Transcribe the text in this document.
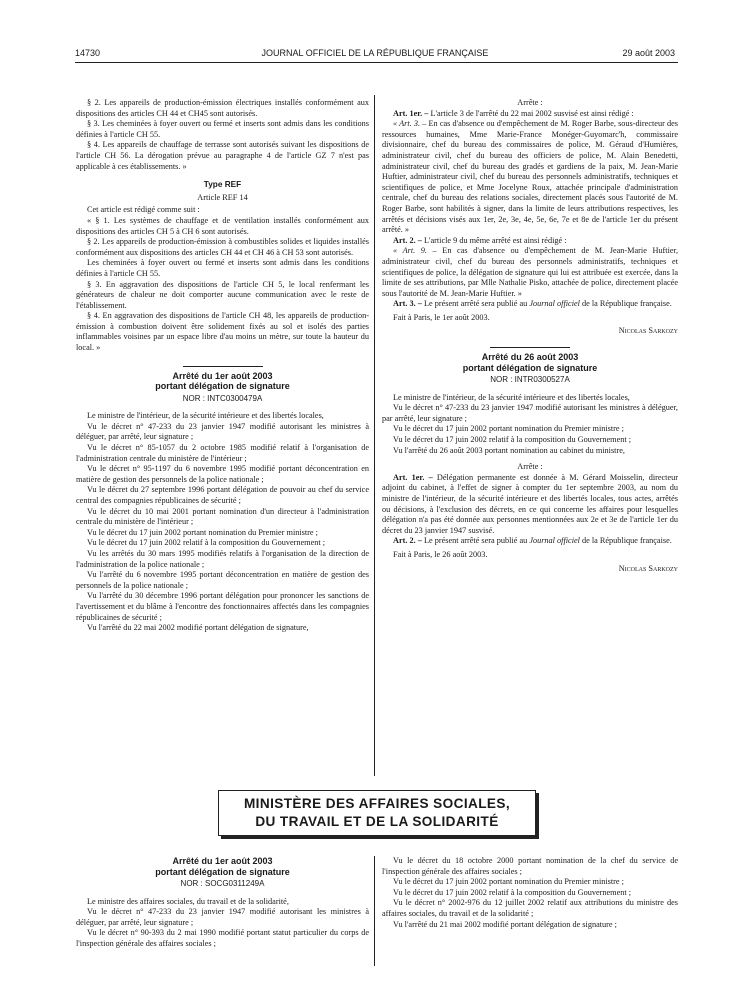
14730	JOURNAL OFFICIEL DE LA RÉPUBLIQUE FRANÇAISE	29 août 2003

§ 2. Les appareils de production-émission électriques installés conformément aux dispositions des articles CH 44 et CH45 sont autorisés.

§ 3. Les cheminées à foyer ouvert ou fermé et inserts sont admis dans les conditions définies à l'article CH 55.

§ 4. Les appareils de chauffage de terrasse sont autorisés suivant les dispositions de l'article CH 56. La dérogation prévue au paragraphe 4 de l'article GZ 7 n'est pas applicable à ces établissements. »

Type REF

Article REF 14

Cet article est rédigé comme suit :

« § 1. Les systèmes de chauffage et de ventilation installés conformément aux dispositions des articles CH 5 à CH 6 sont autorisés.

§ 2. Les appareils de production-émission à combustibles solides et liquides installés conformément aux dispositions des articles CH 44 et CH 46 à CH 53 sont autorisés.

Les cheminées à foyer ouvert ou fermé et inserts sont admis dans les conditions définies à l'article CH 55.

§ 3. En aggravation des dispositions de l'article CH 5, le local renfermant les générateurs de chaleur ne doit comporter aucune communication avec le reste de l'établissement.

§ 4. En aggravation des dispositions de l'article CH 48, les appareils de production-émission à combustion doivent être solidement fixés au sol et isolés des parties inflammables voisines par un espace libre d'au moins un mètre, sur toute la hauteur du local. »

Arrêté du 1er août 2003
portant délégation de signature
NOR : INTC0300479A

Le ministre de l'intérieur, de la sécurité intérieure et des libertés locales,

Vu le décret n° 47-233 du 23 janvier 1947 modifié autorisant les ministres à déléguer, par arrêté, leur signature ;

Vu le décret n° 85-1057 du 2 octobre 1985 modifié relatif à l'organisation de l'administration centrale du ministère de l'intérieur ;

Vu le décret n° 95-1197 du 6 novembre 1995 modifié portant déconcentration en matière de gestion des personnels de la police nationale ;

Vu le décret du 27 septembre 1996 portant délégation de pouvoir au chef du service central des compagnies républicaines de sécurité ;

Vu le décret du 10 mai 2001 portant nomination d'un directeur à l'administration centrale du ministère de l'intérieur ;

Vu le décret du 17 juin 2002 portant nomination du Premier ministre ;

Vu le décret du 17 juin 2002 relatif à la composition du Gouvernement ;

Vu les arrêtés du 30 mars 1995 modifiés relatifs à l'organisation de la direction de l'administration de la police nationale ;

Vu l'arrêté du 6 novembre 1995 portant déconcentration en matière de gestion des personnels de la police nationale ;

Vu l'arrêté du 30 décembre 1996 portant délégation pour prononcer les sanctions de l'avertissement et du blâme à l'encontre des fonctionnaires affectés dans les compagnies républicaines de sécurité ;

Vu l'arrêté du 22 mai 2002 modifié portant délégation de signature,

Arrête :

Art. 1er. – L'article 3 de l'arrêté du 22 mai 2002 susvisé est ainsi rédigé :

« Art. 3. – En cas d'absence ou d'empêchement de M. Roger Barbe, sous-directeur des ressources humaines, Mme Marie-France Monéger-Guyomarc'h, commissaire divisionnaire, chef du bureau des commissaires de police, M. Géraud d'Humières, administrateur civil, chef du bureau des officiers de police, M. Alain Benedetti, administrateur civil, chef du bureau des gradés et gardiens de la paix, M. Jean-Marie Huftier, administrateur civil, chef du bureau des personnels administratifs, techniques et scientifiques de police, et Mme Jocelyne Roux, attachée principale d'administration centrale, chef du bureau des relations sociales, directement placés sous l'autorité de M. Roger Barbe, sont habilités à signer, dans la limite de leurs attributions respectives, les arrêtés et décisions visés aux 1er, 2e, 3e, 4e, 5e, 6e, 7e et 8e de l'article 1er du présent arrêté. »

Art. 2. – L'article 9 du même arrêté est ainsi rédigé :

« Art. 9. – En cas d'absence ou d'empêchement de M. Jean-Marie Huftier, administrateur civil, chef du bureau des personnels administratifs, techniques et scientifiques de police, la délégation de signature qui lui est attribuée est exercée, dans la limite de ses attributions, par Mlle Nathalie Pisko, attachée de police, directement placée sous l'autorité de M. Jean-Marie Huftier. »

Art. 3. – Le présent arrêté sera publié au Journal officiel de la République française.

Fait à Paris, le 1er août 2003.

Nicolas Sarkozy

Arrêté du 26 août 2003
portant délégation de signature
NOR : INTR0300527A

Le ministre de l'intérieur, de la sécurité intérieure et des libertés locales,

Vu le décret n° 47-233 du 23 janvier 1947 modifié autorisant les ministres à déléguer, par arrêté, leur signature ;

Vu le décret du 17 juin 2002 portant nomination du Premier ministre ;

Vu le décret du 17 juin 2002 relatif à la composition du Gouvernement ;

Vu l'arrêté du 26 août 2003 portant nomination au cabinet du ministre,

Arrête :

Art. 1er. – Délégation permanente est donnée à M. Gérard Moisselin, directeur adjoint du cabinet, à l'effet de signer à compter du 1er septembre 2003, au nom du ministre de l'intérieur, de la sécurité intérieure et des libertés locales, tous actes, arrêtés ou décisions, à l'exclusion des décrets, en ce qui concerne les affaires pour lesquelles délégation n'a pas été donnée aux personnes mentionnées aux 2e et 3e de l'article 1er du décret du 23 janvier 1947 susvisé.

Art. 2. – Le présent arrêté sera publié au Journal officiel de la République française.

Fait à Paris, le 26 août 2003.

Nicolas Sarkozy

MINISTÈRE DES AFFAIRES SOCIALES,
DU TRAVAIL ET DE LA SOLIDARITÉ
Arrêté du 1er août 2003
portant délégation de signature
NOR : SOCG0311249A

Le ministre des affaires sociales, du travail et de la solidarité,

Vu le décret n° 47-233 du 23 janvier 1947 modifié autorisant les ministres à déléguer, par arrêté, leur signature ;

Vu le décret n° 90-393 du 2 mai 1990 modifié portant statut particulier du corps de l'inspection générale des affaires sociales ;

Vu le décret du 18 octobre 2000 portant nomination de la chef du service de l'inspection générale des affaires sociales ;

Vu le décret du 17 juin 2002 portant nomination du Premier ministre ;

Vu le décret du 17 juin 2002 relatif à la composition du Gouvernement ;

Vu le décret n° 2002-976 du 12 juillet 2002 relatif aux attributions du ministre des affaires sociales, du travail et de la solidarité ;

Vu l'arrêté du 21 mai 2002 modifié portant délégation de signature ;
